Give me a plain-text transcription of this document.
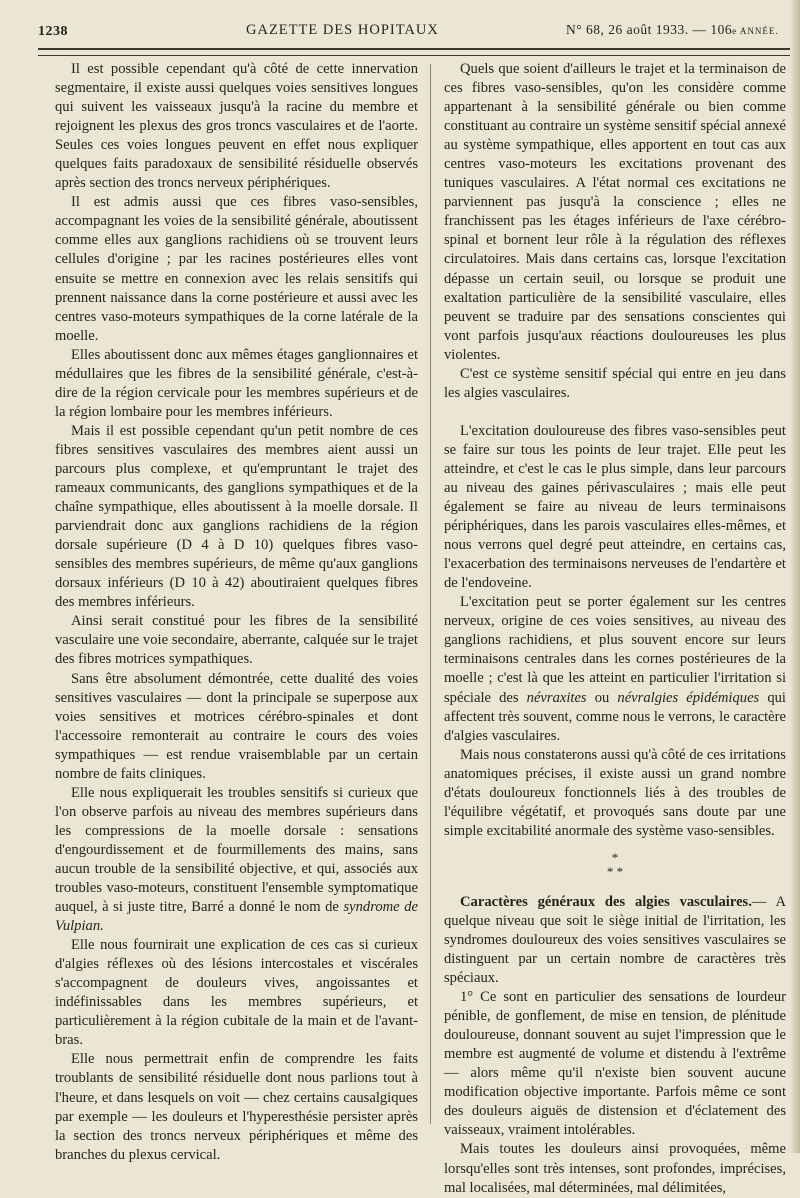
1238	GAZETTE DES HOPITAUX	N° 68, 26 août 1933. — 106e ANNÉE.

Il est possible cependant qu'à côté de cette innervation segmentaire, il existe aussi quelques voies sensitives longues qui suivent les vaisseaux jusqu'à la racine du membre et rejoignent les plexus des gros troncs vasculaires et de l'aorte. Seules ces voies longues peuvent en effet nous expliquer quelques faits paradoxaux de sensibilité résiduelle observés après section des troncs nerveux périphériques.

Il est admis aussi que ces fibres vaso-sensibles, accompagnant les voies de la sensibilité générale, aboutissent comme elles aux ganglions rachidiens où se trouvent leurs cellules d'origine ; par les racines postérieures elles vont ensuite se mettre en connexion avec les relais sensitifs qui prennent naissance dans la corne postérieure et aussi avec les centres vaso-moteurs sympathiques de la corne latérale de la moelle.

Elles aboutissent donc aux mêmes étages ganglionnaires et médullaires que les fibres de la sensibilité générale, c'est-à-dire de la région cervicale pour les membres supérieurs et de la région lombaire pour les membres inférieurs.

Mais il est possible cependant qu'un petit nombre de ces fibres sensitives vasculaires des membres aient aussi un parcours plus complexe, et qu'empruntant le trajet des rameaux communicants, des ganglions sympathiques et de la chaîne sympathique, elles aboutissent à la moelle dorsale. Il parviendrait donc aux ganglions rachidiens de la région dorsale supérieure (D 4 à D 10) quelques fibres vaso-sensibles des membres supérieurs, de même qu'aux ganglions dorsaux inférieurs (D 10 à 42) aboutiraient quelques fibres des membres inférieurs.

Ainsi serait constitué pour les fibres de la sensibilité vasculaire une voie secondaire, aberrante, calquée sur le trajet des fibres motrices sympathiques.

Sans être absolument démontrée, cette dualité des voies sensitives vasculaires — dont la principale se superpose aux voies sensitives et motrices cérébro-spinales et dont l'accessoire remonterait au contraire le cours des voies sympathiques — est rendue vraisemblable par un certain nombre de faits cliniques.

Elle nous expliquerait les troubles sensitifs si curieux que l'on observe parfois au niveau des membres supérieurs dans les compressions de la moelle dorsale : sensations d'engourdissement et de fourmillements des mains, sans aucun trouble de la sensibilité objective, et qui, associés aux troubles vaso-moteurs, constituent l'ensemble symptomatique auquel, à si juste titre, Barré a donné le nom de syndrome de Vulpian.

Elle nous fournirait une explication de ces cas si curieux d'algies réflexes où des lésions intercostales et viscérales s'accompagnent de douleurs vives, angoissantes et indéfinissables dans les membres supérieurs, et particulièrement à la région cubitale de la main et de l'avant-bras.

Elle nous permettrait enfin de comprendre les faits troublants de sensibilité résiduelle dont nous parlions tout à l'heure, et dans lesquels on voit — chez certains causalgiques par exemple — les douleurs et l'hyperesthésie persister après la section des troncs nerveux périphériques et même des branches du plexus cervical.

Quels que soient d'ailleurs le trajet et la terminaison de ces fibres vaso-sensibles, qu'on les considère comme appartenant à la sensibilité générale ou bien comme constituant au contraire un système sensitif spécial annexé au système sympathique, elles apportent en tout cas aux centres vaso-moteurs les excitations provenant des tuniques vasculaires. A l'état normal ces excitations ne parviennent pas jusqu'à la conscience ; elles ne franchissent pas les étages inférieurs de l'axe cérébro-spinal et bornent leur rôle à la régulation des réflexes circulatoires. Mais dans certains cas, lorsque l'excitation dépasse un certain seuil, ou lorsque se produit une exaltation particulière de la sensibilité vasculaire, elles peuvent se traduire par des sensations conscientes qui vont parfois jusqu'aux réactions douloureuses les plus violentes.

C'est ce système sensitif spécial qui entre en jeu dans les algies vasculaires.

L'excitation douloureuse des fibres vaso-sensibles peut se faire sur tous les points de leur trajet. Elle peut les atteindre, et c'est le cas le plus simple, dans leur parcours au niveau des gaines périvasculaires ; mais elle peut également se faire au niveau de leurs terminaisons périphériques, dans les parois vasculaires elles-mêmes, et nous verrons quel degré peut atteindre, en certains cas, l'exacerbation des terminaisons nerveuses de l'endartère et de l'endoveine.

L'excitation peut se porter également sur les centres nerveux, origine de ces voies sensitives, au niveau des ganglions rachidiens, et plus souvent encore sur leurs terminaisons centrales dans les cornes postérieures de la moelle ; c'est là que les atteint en particulier l'irritation si spéciale des névraxites ou névralgies épidémiques qui affectent très souvent, comme nous le verrons, le caractère d'algies vasculaires.

Mais nous constaterons aussi qu'à côté de ces irritations anatomiques précises, il existe aussi un grand nombre d'états douloureux fonctionnels liés à des troubles de l'équilibre végétatif, et provoqués sans doute par une simple excitabilité anormale des système vaso-sensibles.

*
* *

Caractères généraux des algies vasculaires.— A quelque niveau que soit le siège initial de l'irritation, les syndromes douloureux des voies sensitives vasculaires se distinguent par un certain nombre de caractères très spéciaux.

1° Ce sont en particulier des sensations de lourdeur pénible, de gonflement, de mise en tension, de plénitude douloureuse, donnant souvent au sujet l'impression que le membre est augmenté de volume et distendu à l'extrême — alors même qu'il n'existe bien souvent aucune modification objective importante. Parfois même ce sont des douleurs aiguës de distension et d'éclatement des vaisseaux, vraiment intolérables.

Mais toutes les douleurs ainsi provoquées, même lorsqu'elles sont très intenses, sont profondes, imprécises, mal localisées, mal déterminées, mal délimitées,
